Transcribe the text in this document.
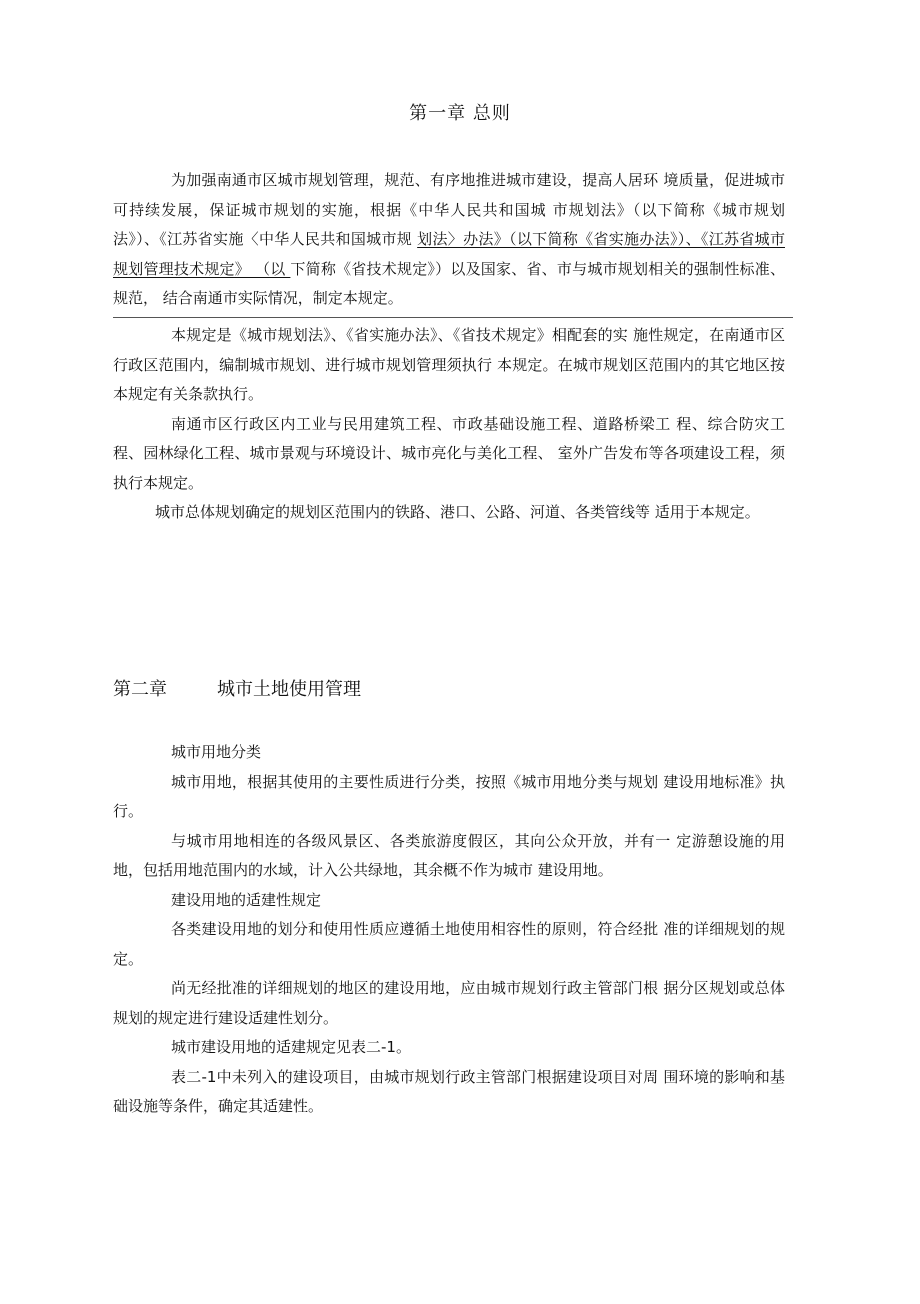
第一章 总则

为加强南通市区城市规划管理，规范、有序地推进城市建设，提高人居环 境质量，促进城市可持续发展，保证城市规划的实施，根据《中华人民共和国城 市规划法》（以下简称《城市规划法》）、《江苏省实施〈中华人民共和国城市规 划法〉办法》（以下简称《省实施办法》）、《江苏省城市规划管理技术规定》 （以 下简称《省技术规定》）以及国家、省、市与城市规划相关的强制性标准、规范， 结合南通市实际情况，制定本规定。

本规定是《城市规划法》、《省实施办法》、《省技术规定》相配套的实 施性规定，在南通市区行政区范围内，编制城市规划、进行城市规划管理须执行 本规定。在城市规划区范围内的其它地区按本规定有关条款执行。

南通市区行政区内工业与民用建筑工程、市政基础设施工程、道路桥梁工 程、综合防灾工程、园林绿化工程、城市景观与环境设计、城市亮化与美化工程、 室外广告发布等各项建设工程，须执行本规定。

城市总体规划确定的规划区范围内的铁路、港口、公路、河道、各类管线等 适用于本规定。

第二章	城市土地使用管理

城市用地分类

城市用地，根据其使用的主要性质进行分类，按照《城市用地分类与规划 建设用地标准》执行。

与城市用地相连的各级风景区、各类旅游度假区，其向公众开放，并有一 定游憩设施的用地，包括用地范围内的水域，计入公共绿地，其余概不作为城市 建设用地。

建设用地的适建性规定

各类建设用地的划分和使用性质应遵循土地使用相容性的原则，符合经批 准的详细规划的规定。

尚无经批准的详细规划的地区的建设用地，应由城市规划行政主管部门根 据分区规划或总体规划的规定进行建设适建性划分。

城市建设用地的适建规定见表二-1。

表二-1中未列入的建设项目，由城市规划行政主管部门根据建设项目对周 围环境的影响和基础设施等条件，确定其适建性。
